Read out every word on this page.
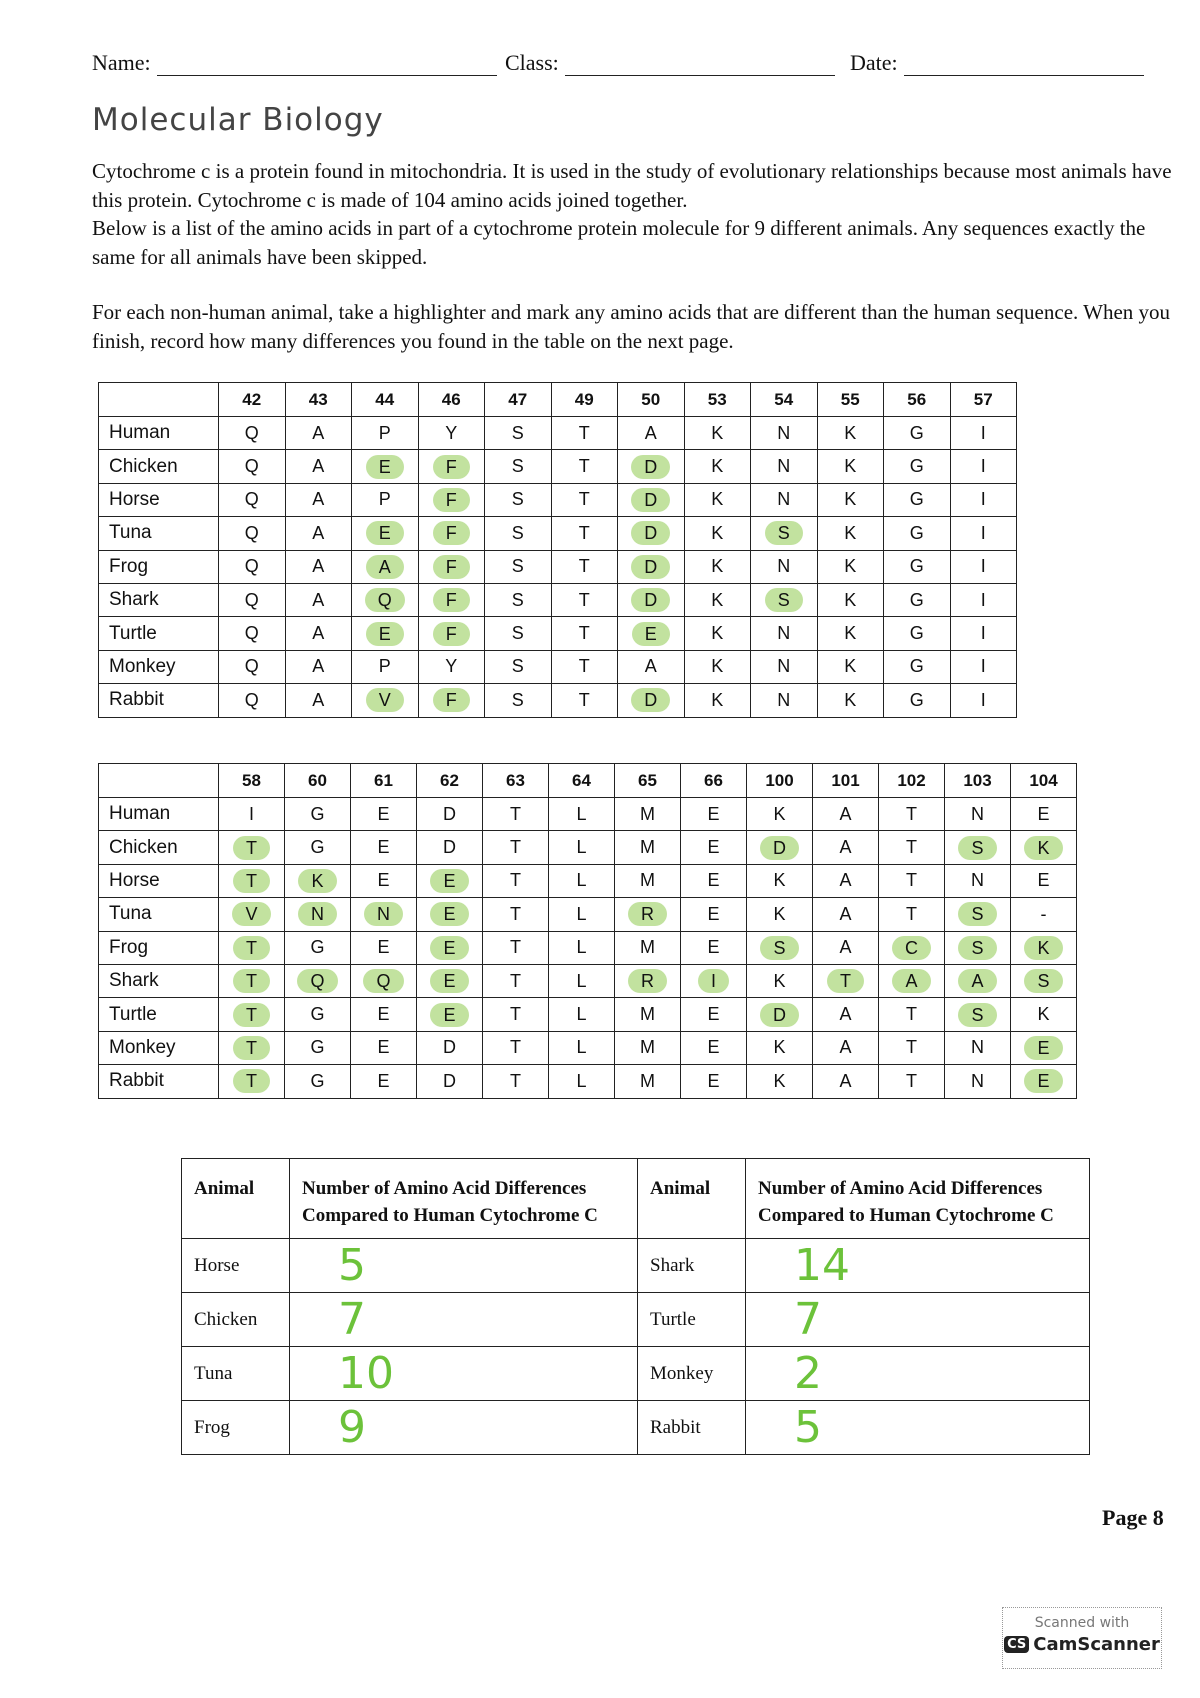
Name:	Class:	Date:
Molecular Biology
Cytochrome c is a protein found in mitochondria. It is used in the study of evolutionary relationships because most animals have this protein. Cytochrome c is made of 104 amino acids joined together.
Below is a list of the amino acids in part of a cytochrome protein molecule for 9 different animals. Any sequences exactly the same for all animals have been skipped.
For each non-human animal, take a highlighter and mark any amino acids that are different than the human sequence. When you finish, record how many differences you found in the table on the next page.
	42	43	44	46	47	49	50	53	54	55	56	57
Human	Q	A	P	Y	S	T	A	K	N	K	G	I
Chicken	Q	A	E	F	S	T	D	K	N	K	G	I
Horse	Q	A	P	F	S	T	D	K	N	K	G	I
Tuna	Q	A	E	F	S	T	D	K	S	K	G	I
Frog	Q	A	A	F	S	T	D	K	N	K	G	I
Shark	Q	A	Q	F	S	T	D	K	S	K	G	I
Turtle	Q	A	E	F	S	T	E	K	N	K	G	I
Monkey	Q	A	P	Y	S	T	A	K	N	K	G	I
Rabbit	Q	A	V	F	S	T	D	K	N	K	G	I
	58	60	61	62	63	64	65	66	100	101	102	103	104
Human	I	G	E	D	T	L	M	E	K	A	T	N	E
Chicken	T	G	E	D	T	L	M	E	D	A	T	S	K
Horse	T	K	E	E	T	L	M	E	K	A	T	N	E
Tuna	V	N	N	E	T	L	R	E	K	A	T	S	-
Frog	T	G	E	E	T	L	M	E	S	A	C	S	K
Shark	T	Q	Q	E	T	L	R	I	K	T	A	A	S
Turtle	T	G	E	E	T	L	M	E	D	A	T	S	K
Monkey	T	G	E	D	T	L	M	E	K	A	T	N	E
Rabbit	T	G	E	D	T	L	M	E	K	A	T	N	E
Animal	Number of Amino Acid Differences Compared to Human Cytochrome C	Animal	Number of Amino Acid Differences Compared to Human Cytochrome C
Horse	5	Shark	14
Chicken	7	Turtle	7
Tuna	10	Monkey	2
Frog	9	Rabbit	5
Page 8
Scanned with
CS CamScanner
